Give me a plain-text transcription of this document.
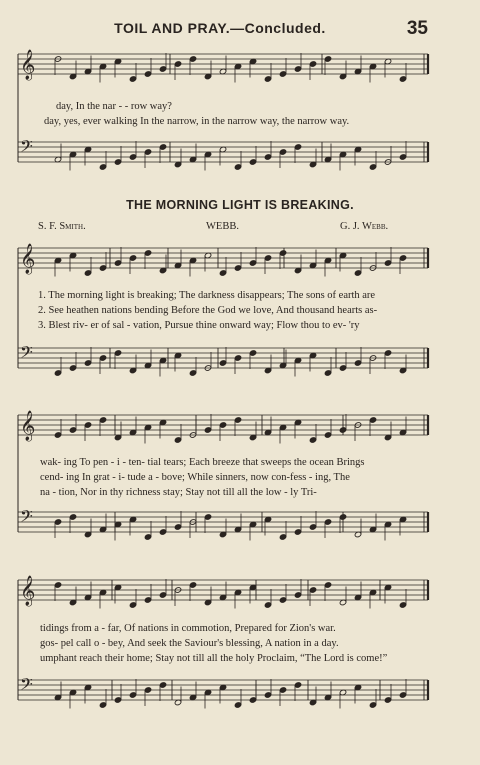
TOIL AND PRAY.—Concluded.	35
𝄞
𝄢
𝄞
𝄢
𝄞
𝄢
𝄞
𝄢
day, In the nar - - row way?
day, yes, ever walking In the narrow, in the narrow way, the narrow way.
THE MORNING LIGHT IS BREAKING.
S. F. Smith.	WEBB.	G. J. Webb.
1. The morning light is breaking; The darkness disappears; The sons of earth are
2. See heathen nations bending Before the God we love, And thousand hearts as-
3. Blest riv- er of sal - vation, Pursue thine onward way; Flow thou to ev- 'ry
wak- ing To pen - i - ten- tial tears; Each breeze that sweeps the ocean Brings
cend- ing In grat - i- tude a - bove; While sinners, now con-fess - ing, The
na - tion, Nor in thy richness stay; Stay not till all the low - ly Tri-
tidings from a - far, Of nations in commotion, Prepared for Zion's war.
gos- pel call o - bey, And seek the Saviour's blessing, A nation in a day.
umphant reach their home; Stay not till all the holy Proclaim, “The Lord is come!”
